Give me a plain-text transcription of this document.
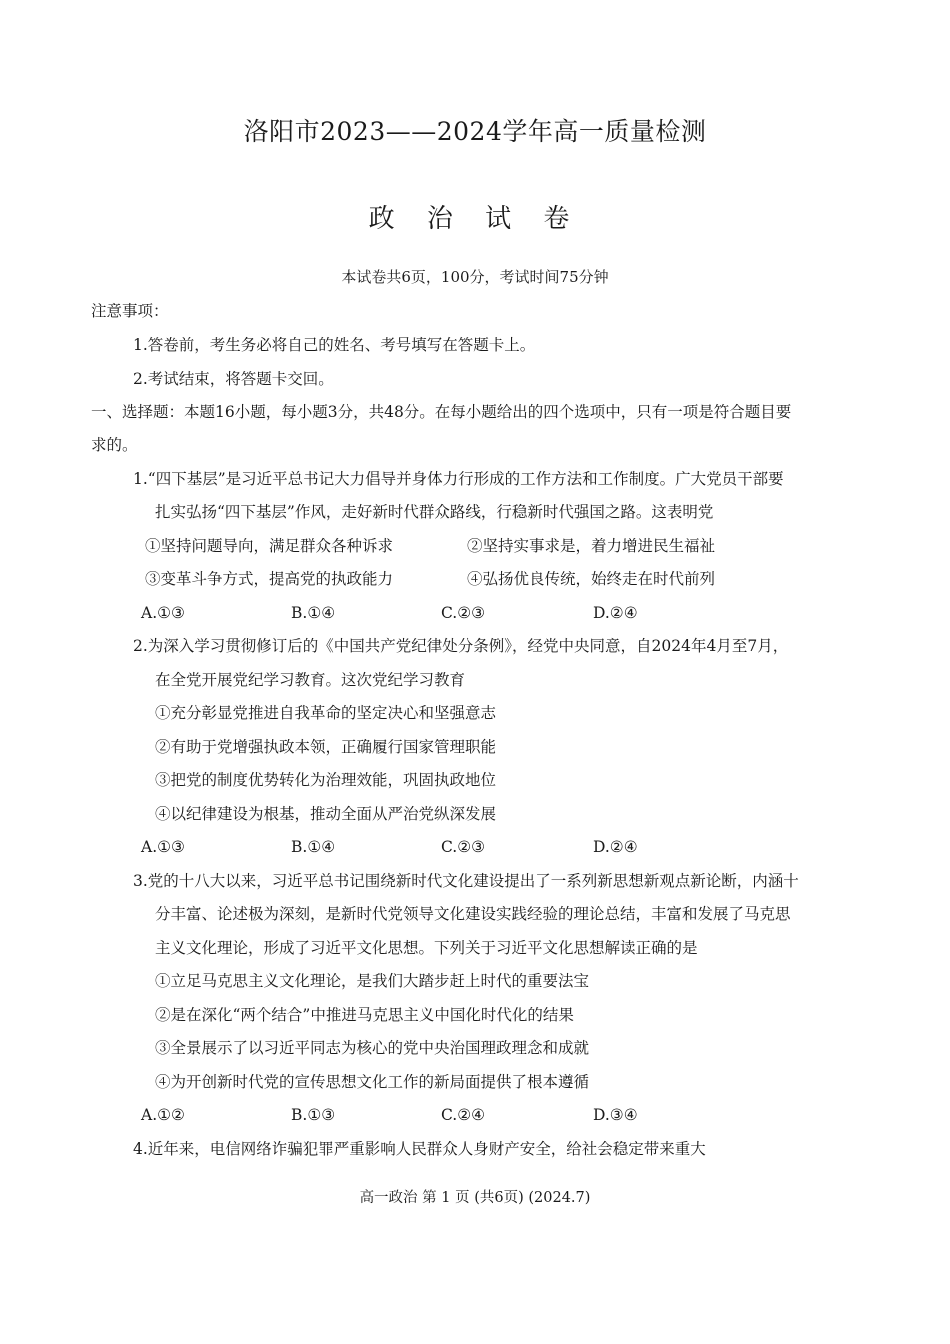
洛阳市2023——2024学年高一质量检测
政 治 试 卷
本试卷共6页，100分，考试时间75分钟
注意事项：
1.答卷前，考生务必将自己的姓名、考号填写在答题卡上。
2.考试结束，将答题卡交回。
一、选择题：本题16小题，每小题3分，共48分。在每小题给出的四个选项中，只有一项是符合题目要
求的。
1.“四下基层”是习近平总书记大力倡导并身体力行形成的工作方法和工作制度。广大党员干部要
扎实弘扬“四下基层”作风，走好新时代群众路线，行稳新时代强国之路。这表明党
①坚持问题导向，满足群众各种诉求	②坚持实事求是，着力增进民生福祉
③变革斗争方式，提高党的执政能力	④弘扬优良传统，始终走在时代前列
A.①③	B.①④	C.②③	D.②④
2.为深入学习贯彻修订后的《中国共产党纪律处分条例》，经党中央同意，自2024年4月至7月，
在全党开展党纪学习教育。这次党纪学习教育
①充分彰显党推进自我革命的坚定决心和坚强意志
②有助于党增强执政本领，正确履行国家管理职能
③把党的制度优势转化为治理效能，巩固执政地位
④以纪律建设为根基，推动全面从严治党纵深发展
A.①③	B.①④	C.②③	D.②④
3.党的十八大以来，习近平总书记围绕新时代文化建设提出了一系列新思想新观点新论断，内涵十
分丰富、论述极为深刻，是新时代党领导文化建设实践经验的理论总结，丰富和发展了马克思
主义文化理论，形成了习近平文化思想。下列关于习近平文化思想解读正确的是
①立足马克思主义文化理论，是我们大踏步赶上时代的重要法宝
②是在深化“两个结合”中推进马克思主义中国化时代化的结果
③全景展示了以习近平同志为核心的党中央治国理政理念和成就
④为开创新时代党的宣传思想文化工作的新局面提供了根本遵循
A.①②	B.①③	C.②④	D.③④
4.近年来，电信网络诈骗犯罪严重影响人民群众人身财产安全，给社会稳定带来重大
高一政治 第 1 页 (共6页) (2024.7)
